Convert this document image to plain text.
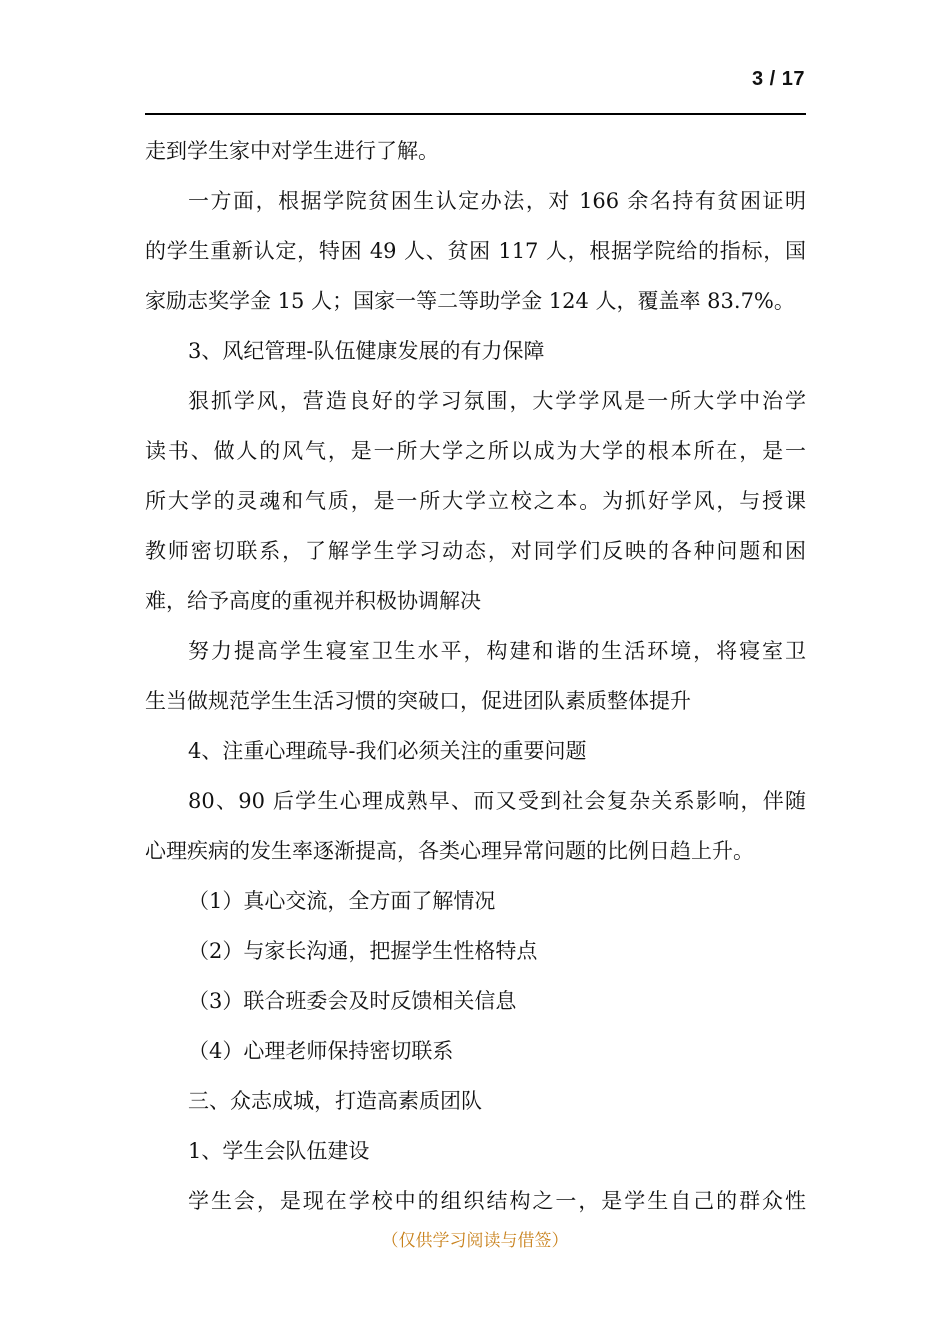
3 / 17
走到学生家中对学生进行了解。
一方面，根据学院贫困生认定办法，对 166 余名持有贫困证明
的学生重新认定，特困 49 人、贫困 117 人，根据学院给的指标，国
家励志奖学金 15 人；国家一等二等助学金 124 人，覆盖率 83.7%。
3、风纪管理-队伍健康发展的有力保障
狠抓学风，营造良好的学习氛围，大学学风是一所大学中治学
读书、做人的风气，是一所大学之所以成为大学的根本所在，是一
所大学的灵魂和气质，是一所大学立校之本。为抓好学风，与授课
教师密切联系，了解学生学习动态，对同学们反映的各种问题和困
难，给予高度的重视并积极协调解决
努力提高学生寝室卫生水平，构建和谐的生活环境，将寝室卫
生当做规范学生生活习惯的突破口，促进团队素质整体提升
4、注重心理疏导-我们必须关注的重要问题
80、90 后学生心理成熟早、而又受到社会复杂关系影响，伴随
心理疾病的发生率逐渐提高，各类心理异常问题的比例日趋上升。
（1）真心交流，全方面了解情况
（2）与家长沟通，把握学生性格特点
（3）联合班委会及时反馈相关信息
（4）心理老师保持密切联系
三、众志成城，打造高素质团队
1、学生会队伍建设
学生会，是现在学校中的组织结构之一，是学生自己的群众性
（仅供学习阅读与借签）
